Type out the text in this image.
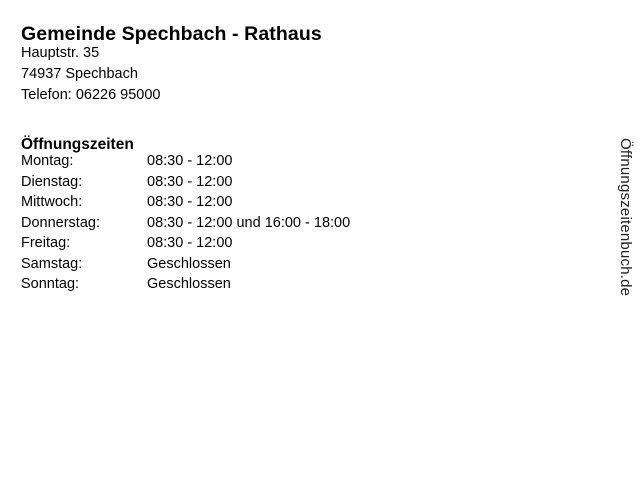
Gemeinde Spechbach - Rathaus
Hauptstr. 35
74937 Spechbach
Telefon: 06226 95000
Öffnungszeiten
Montag:	08:30 - 12:00
Dienstag:	08:30 - 12:00
Mittwoch:	08:30 - 12:00
Donnerstag:	08:30 - 12:00 und 16:00 - 18:00
Freitag:	08:30 - 12:00
Samstag:	Geschlossen
Sonntag:	Geschlossen	Öffnungszeitenbuch.de
